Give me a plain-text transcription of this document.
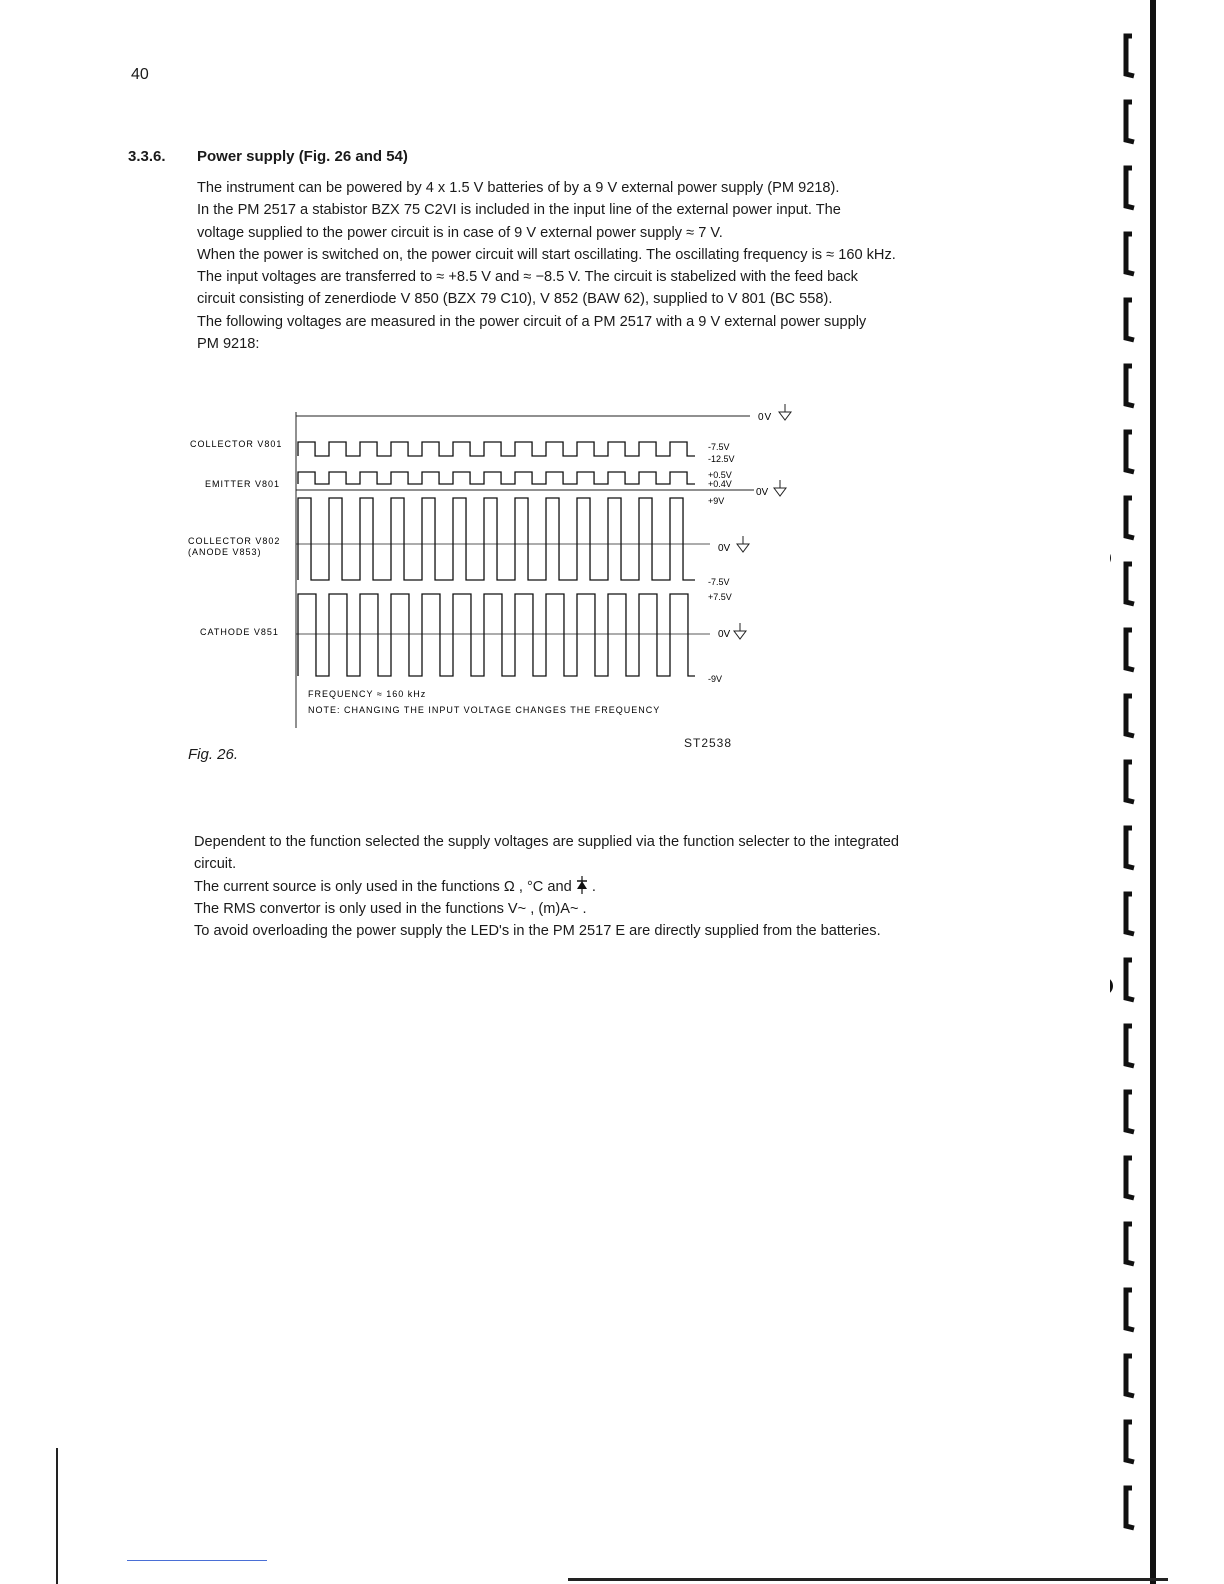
40
3.3.6. Power supply (Fig. 26 and 54)
The instrument can be powered by 4 x 1.5 V batteries of by a 9 V external power supply (PM 9218).
In the PM 2517 a stabistor BZX 75 C2VI is included in the input line of the external power input. The
voltage supplied to the power circuit is in case of 9 V external power supply ≈ 7 V.
When the power is switched on, the power circuit will start oscillating. The oscillating frequency is ≈ 160 kHz.
The input voltages are transferred to ≈ +8.5 V and ≈ −8.5 V. The circuit is stabelized with the feed back
circuit consisting of zenerdiode V 850 (BZX 79 C10), V 852 (BAW 62), supplied to V 801 (BC 558).
The following voltages are measured in the power circuit of a PM 2517 with a 9 V external power supply
PM 9218:
0V
COLLECTOR V801	-7.5V
-12.5V
EMITTER V801
+0.5V
+0.4V
0V
+9V
COLLECTOR V802
(ANODE V853)	0V
-7.5V
+7.5V
CATHODE V851	0V
-9V
FREQUENCY ≈ 160 kHz
NOTE: CHANGING THE INPUT VOLTAGE CHANGES THE FREQUENCY
ST2538
Fig. 26.
Dependent to the function selected the supply voltages are supplied via the function selecter to the integrated
circuit.
The current source is only used in the functions Ω , °C and  .
The RMS convertor is only used in the functions V~ , (m)A~ .
To avoid overloading the power supply the LED's in the PM 2517 E are directly supplied from the batteries.
